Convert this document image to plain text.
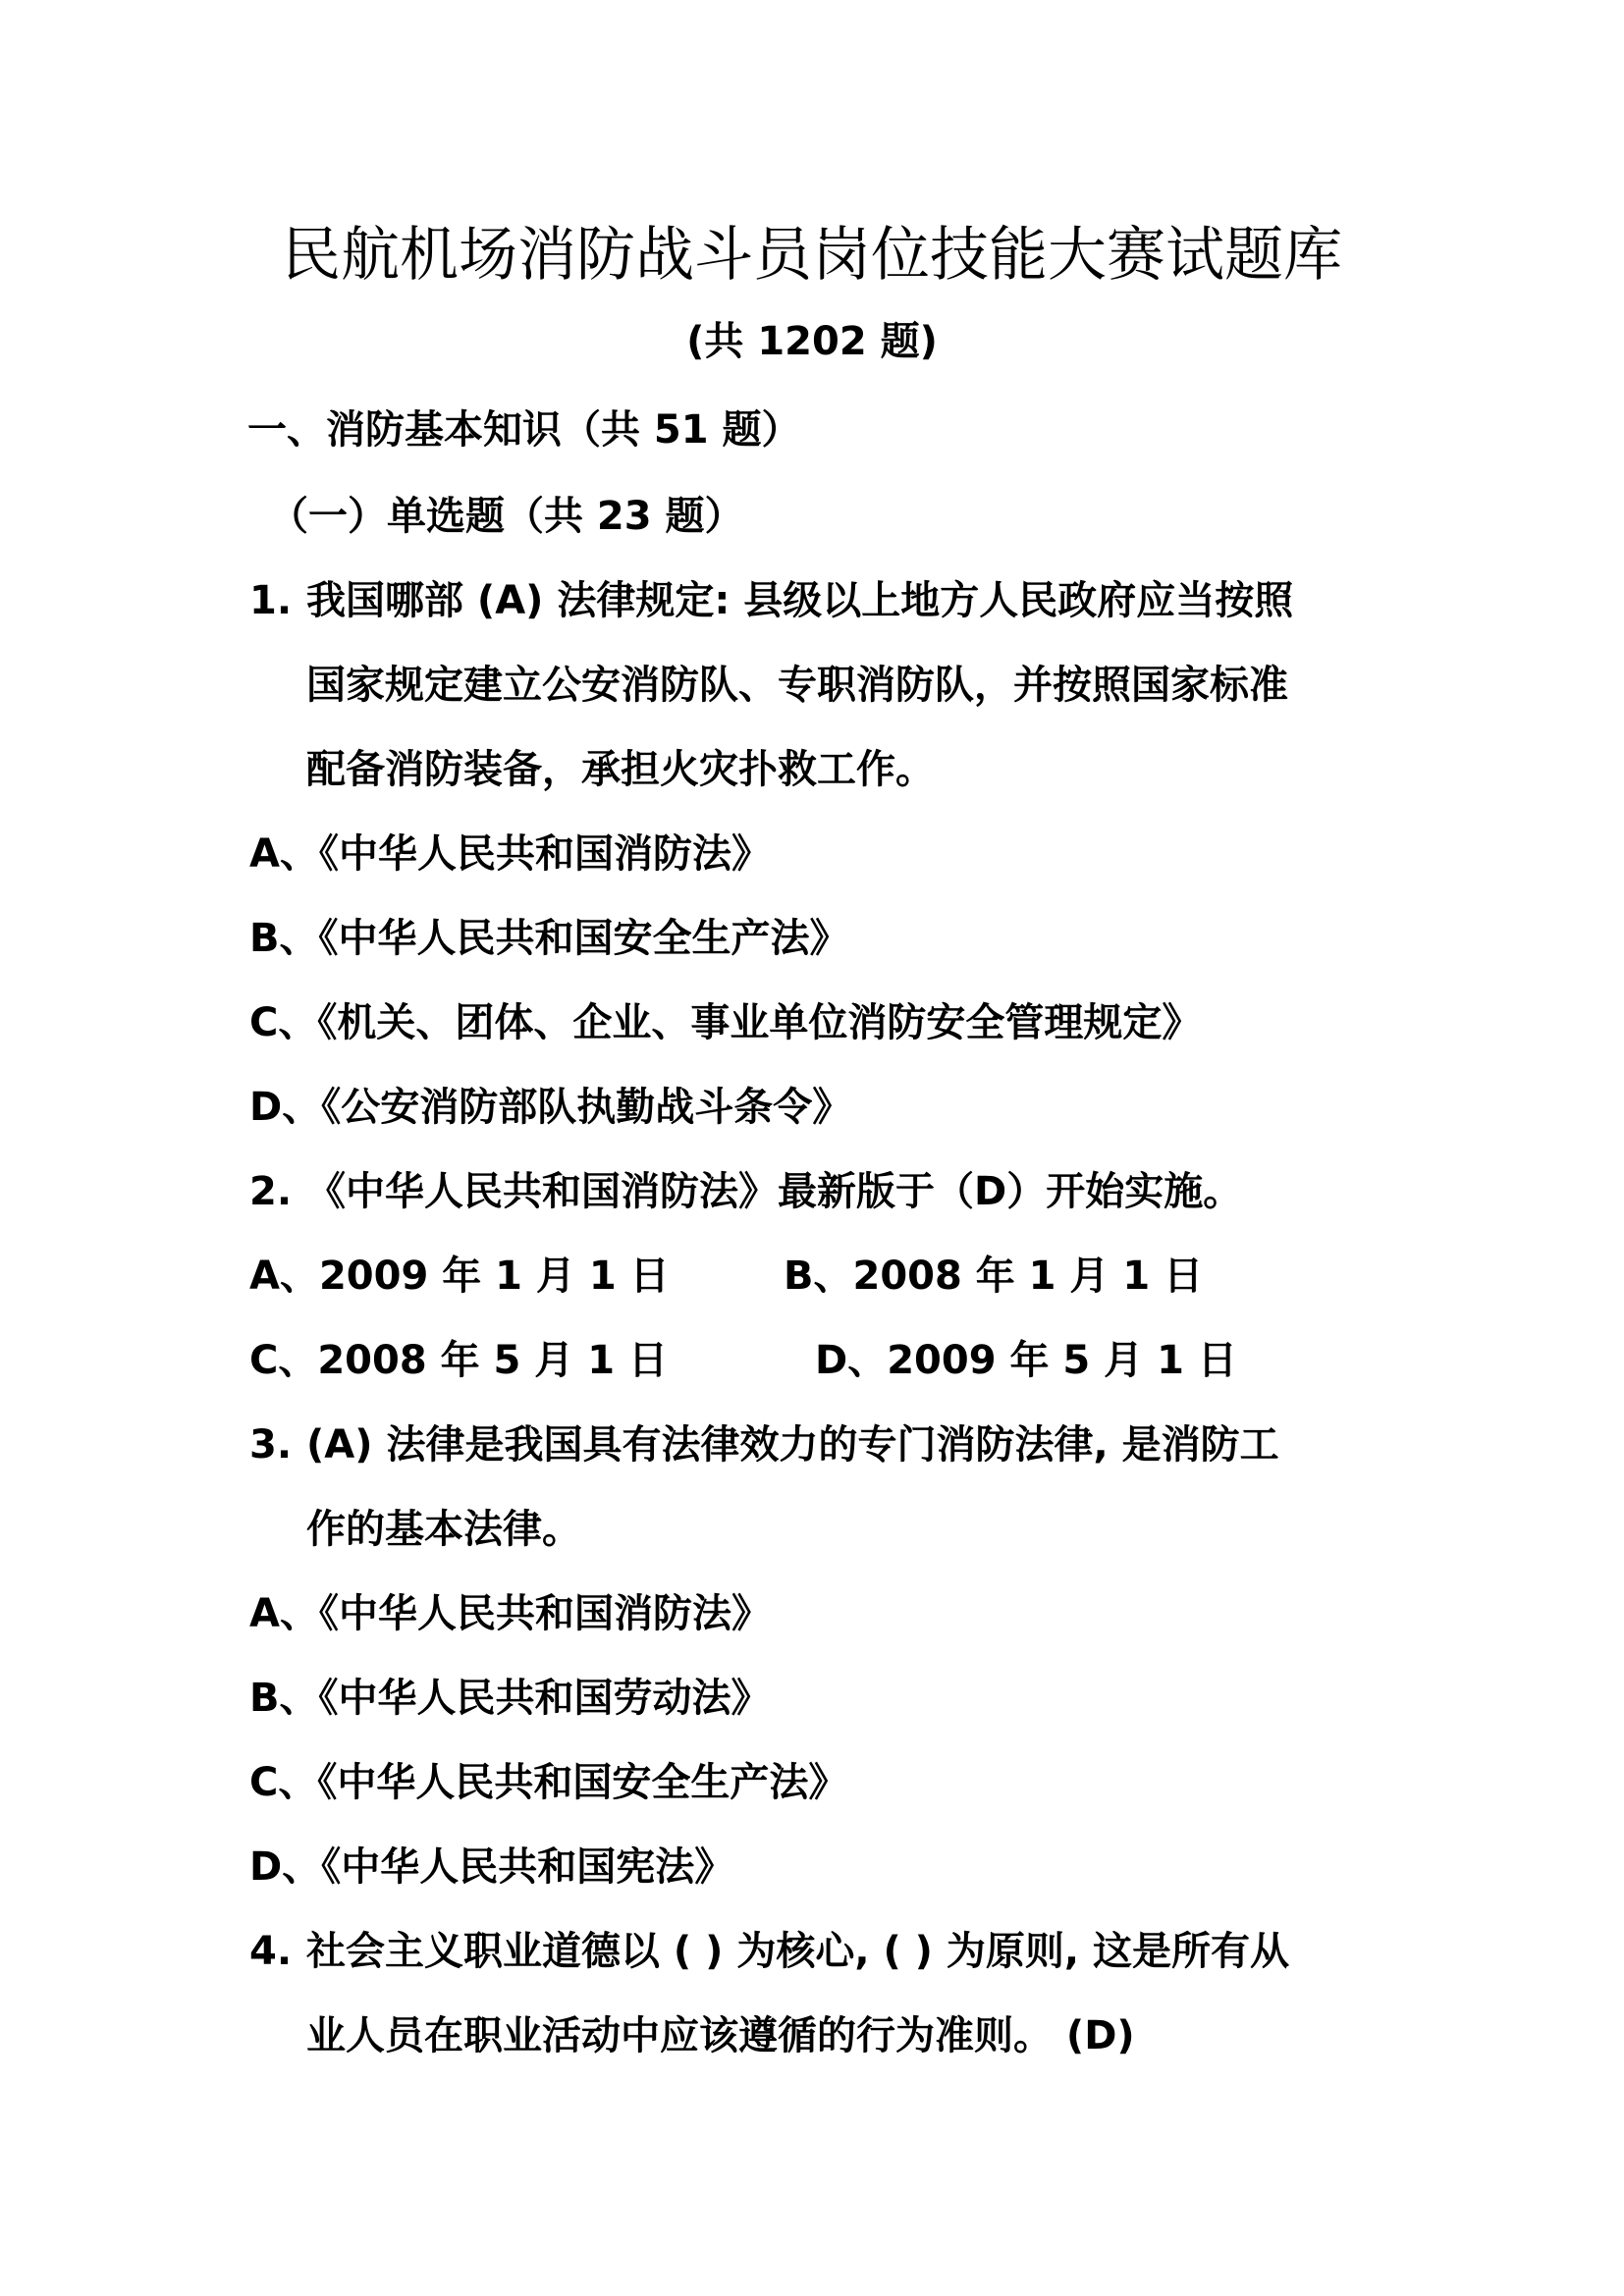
民航机场消防战斗员岗位技能大赛试题库
(共 1202 题)
一、消防基本知识（共 51 题）
（一）单选题（共 23 题）
1. 我国哪部 (A) 法律规定: 县级以上地方人民政府应当按照
国家规定建立公安消防队、专职消防队，并按照国家标准
配备消防装备，承担火灾扑救工作。
A、《中华人民共和国消防法》
B、《中华人民共和国安全生产法》
C、《机关、团体、企业、事业单位消防安全管理规定》
D、《公安消防部队执勤战斗条令》
2. 《中华人民共和国消防法》最新版于（D）开始实施。
A、2009 年 1 月 1 日	B、2008 年 1 月 1 日
C、2008 年 5 月 1 日	D、2009 年 5 月 1 日
3. (A) 法律是我国具有法律效力的专门消防法律, 是消防工
作的基本法律。
A、《中华人民共和国消防法》
B、《中华人民共和国劳动法》
C、《中华人民共和国安全生产法》
D、《中华人民共和国宪法》
4. 社会主义职业道德以 ( ) 为核心, ( ) 为原则, 这是所有从
业人员在职业活动中应该遵循的行为准则。 (D)
